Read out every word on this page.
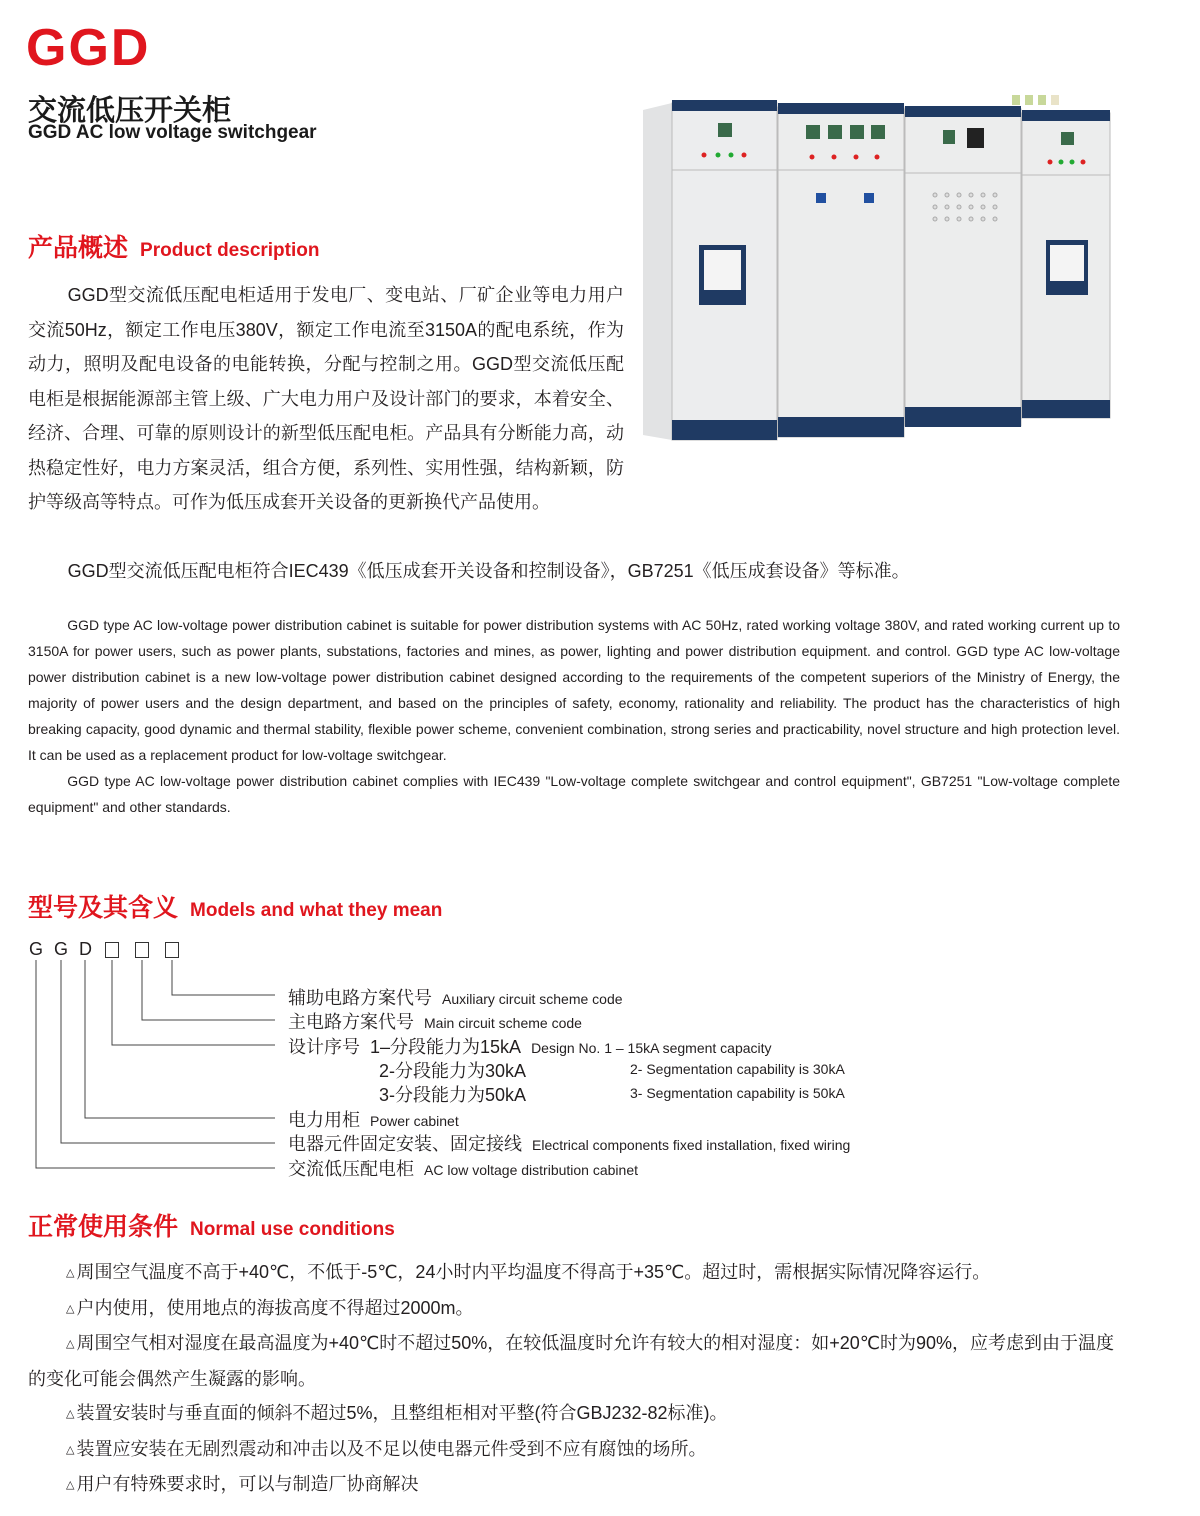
GGD
交流低压开关柜
GGD AC low voltage switchgear
产品概述 Product description

GGD型交流低压配电柜适用于发电厂、变电站、厂矿企业等电力用户交流50Hz，额定工作电压380V，额定工作电流至3150A的配电系统，作为动力，照明及配电设备的电能转换，分配与控制之用。GGD型交流低压配电柜是根据能源部主管上级、广大电力用户及设计部门的要求，本着安全、经济、合理、可靠的原则设计的新型低压配电柜。产品具有分断能力高，动热稳定性好，电力方案灵活，组合方便，系列性、实用性强，结构新颖，防护等级高等特点。可作为低压成套开关设备的更新换代产品使用。

GGD型交流低压配电柜符合IEC439《低压成套开关设备和控制设备》，GB7251《低压成套设备》等标准。

GGD type AC low-voltage power distribution cabinet is suitable for power distribution systems with AC 50Hz, rated working voltage 380V, and rated working current up to 3150A for power users, such as power plants, substations, factories and mines, as power, lighting and power distribution equipment. and control. GGD type AC low-voltage power distribution cabinet is a new low-voltage power distribution cabinet designed according to the requirements of the competent superiors of the Ministry of Energy, the majority of power users and the design department, and based on the principles of safety, economy, rationality and reliability. The product has the characteristics of high breaking capacity, good dynamic and thermal stability, flexible power scheme, convenient combination, strong series and practicability, novel structure and high protection level. It can be used as a replacement product for low-voltage switchgear.

GGD type AC low-voltage power distribution cabinet complies with IEC439 "Low-voltage complete switchgear and control equipment", GB7251 "Low-voltage complete equipment" and other standards.

型号及其含义 Models and what they mean
G G D
辅助电路方案代号 Auxiliary circuit scheme code
主电路方案代号 Main circuit scheme code
设计序号  1–分段能力为15kA Design No. 1 – 15kA segment capacity
2-分段能力为30kA	2- Segmentation capability is 30kA
3-分段能力为50kA	3- Segmentation capability is 50kA
电力用柜 Power cabinet
电器元件固定安装、固定接线 Electrical components fixed installation, fixed wiring
交流低压配电柜 AC low voltage distribution cabinet
正常使用条件 Normal use conditions

△ 周围空气温度不高于+40℃，不低于-5℃，24小时内平均温度不得高于+35℃。超过时，需根据实际情况降容运行。

△ 户内使用，使用地点的海拔高度不得超过2000m。

△ 周围空气相对湿度在最高温度为+40℃时不超过50%，在较低温度时允许有较大的相对湿度：如+20℃时为90%，应考虑到由于温度的变化可能会偶然产生凝露的影响。

△ 装置安装时与垂直面的倾斜不超过5%，且整组柜相对平整(符合GBJ232-82标准)。

△ 装置应安装在无剧烈震动和冲击以及不足以使电器元件受到不应有腐蚀的场所。

△ 用户有特殊要求时，可以与制造厂协商解决
